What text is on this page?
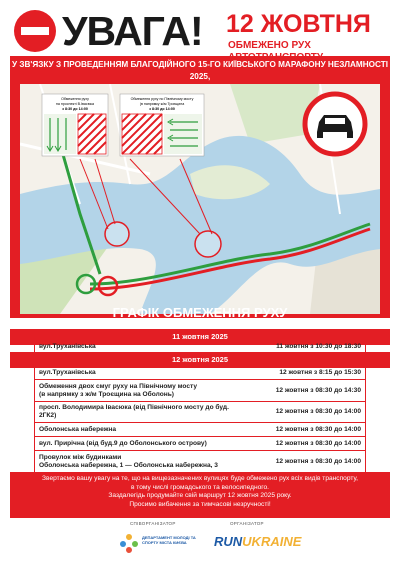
УВАГА! 12 ЖОВТНЯ
ОБМЕЖЕНО РУХ
У ЗВ'ЯЗКУ З ПРОВЕДЕННЯМ БЛАГОДІЙНОГО 15-ГО КИЇВСЬКОГО МАРАФОНУ НЕЗЛАМНОСТІ 2025,
Обмеження руху
на проспекті В.Івасюка
з 8:30 до 14:00
Обмеження руху по Північному мосту
(в напрямку ж/м Троєщина
з 8:30 до 14:00
ГРАФІК ОБМЕЖЕННЯ РУХУ
11 жовтня 2025
вул.Труханівська	11 жовтня з 10:30 до 18:30
12 жовтня 2025
вул.Труханівська	12 жовтня з 8:15 до 15:30
Обмеження двох смуг руху на Північному мосту
(в напрямку з ж/м Троєщина на Оболонь)
12 жовтня з 08:30 до 14:30
просп. Володимира Івасюка (від Північного мосту до буд. 2ГК2)
12 жовтня з 08:30 до 14:00
Оболонська набережна	12 жовтня з 08:30 до 14:00
вул. Прирічна (від буд.9 до Оболонського острову)	12 жовтня з 08:30 до 14:00
Провулок між будинками
Оболонська набережна, 1 — Оболонська набережна, 3
12 жовтня з 08:30 до 14:00
Звертаємо вашу увагу на те, що на вищезазначених вулицях буде обмежено рух всіх видів транспорту,
в тому числі громадського та велосипедного.
Заздалегідь продумайте свій маршрут 12 жовтня 2025 року.
Просимо вибачення за тимчасові незручності!
kyivmarathon.org
СПІВОРГАНІЗАТОР	ОРГАНІЗАТОР
ДЕПАРТАМЕНТ МОЛОДІ ТА СПОРТУ МІСТА КИЄВА	RUNUKRAINE
